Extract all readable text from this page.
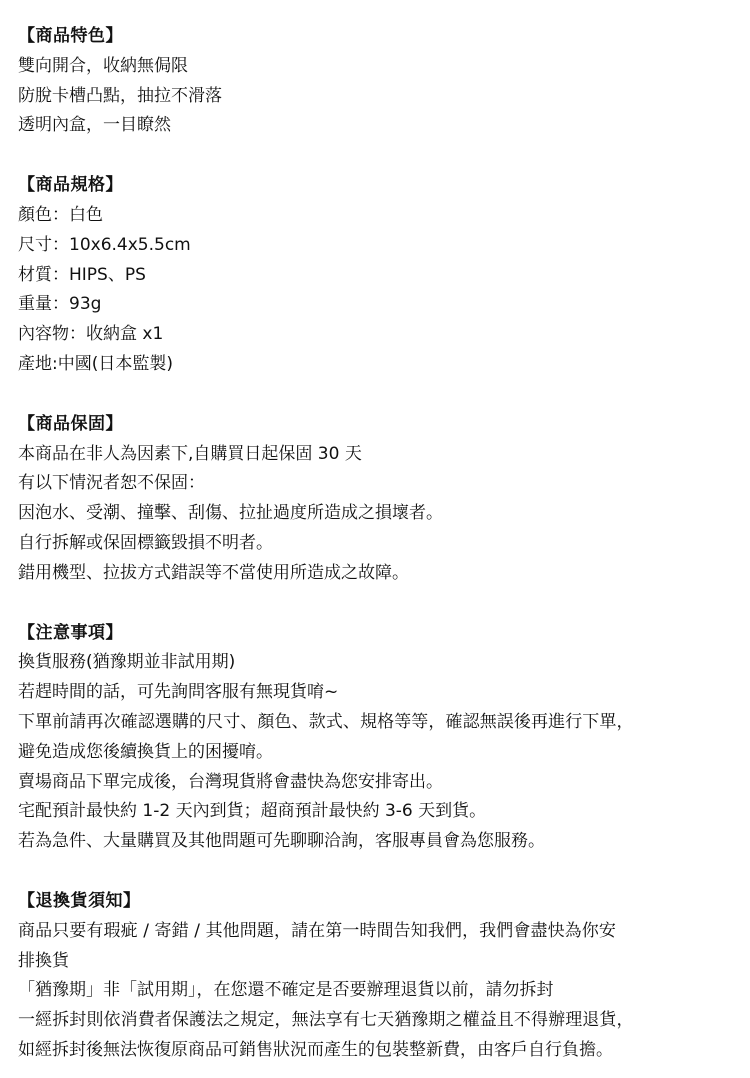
【商品特色】
雙向開合，收納無侷限
防脫卡槽凸點，抽拉不滑落
透明內盒，一目瞭然
【商品規格】
顏色：白色
尺寸：10x6.4x5.5cm
材質：HIPS、PS
重量：93g
內容物：收納盒 x1
產地:中國(日本監製)
【商品保固】
本商品在非人為因素下,自購買日起保固 30 天
有以下情況者恕不保固：
因泡水、受潮、撞擊、刮傷、拉扯過度所造成之損壞者。
自行拆解或保固標籤毀損不明者。
錯用機型、拉拔方式錯誤等不當使用所造成之故障。
【注意事項】
換貨服務(猶豫期並非試用期)
若趕時間的話，可先詢問客服有無現貨唷~
下單前請再次確認選購的尺寸、顏色、款式、規格等等，確認無誤後再進行下單，
避免造成您後續換貨上的困擾唷。
賣場商品下單完成後，台灣現貨將會盡快為您安排寄出。
宅配預計最快約 1-2 天內到貨；超商預計最快約 3-6 天到貨。
若為急件、大量購買及其他問題可先聊聊洽詢，客服專員會為您服務。
【退換貨須知】
商品只要有瑕疵 / 寄錯 / 其他問題，請在第一時間告知我們，我們會盡快為你安
排換貨
「猶豫期」非「試用期」，在您還不確定是否要辦理退貨以前，請勿拆封
一經拆封則依消費者保護法之規定，無法享有七天猶豫期之權益且不得辦理退貨，
如經拆封後無法恢復原商品可銷售狀況而產生的包裝整新費，由客戶自行負擔。
